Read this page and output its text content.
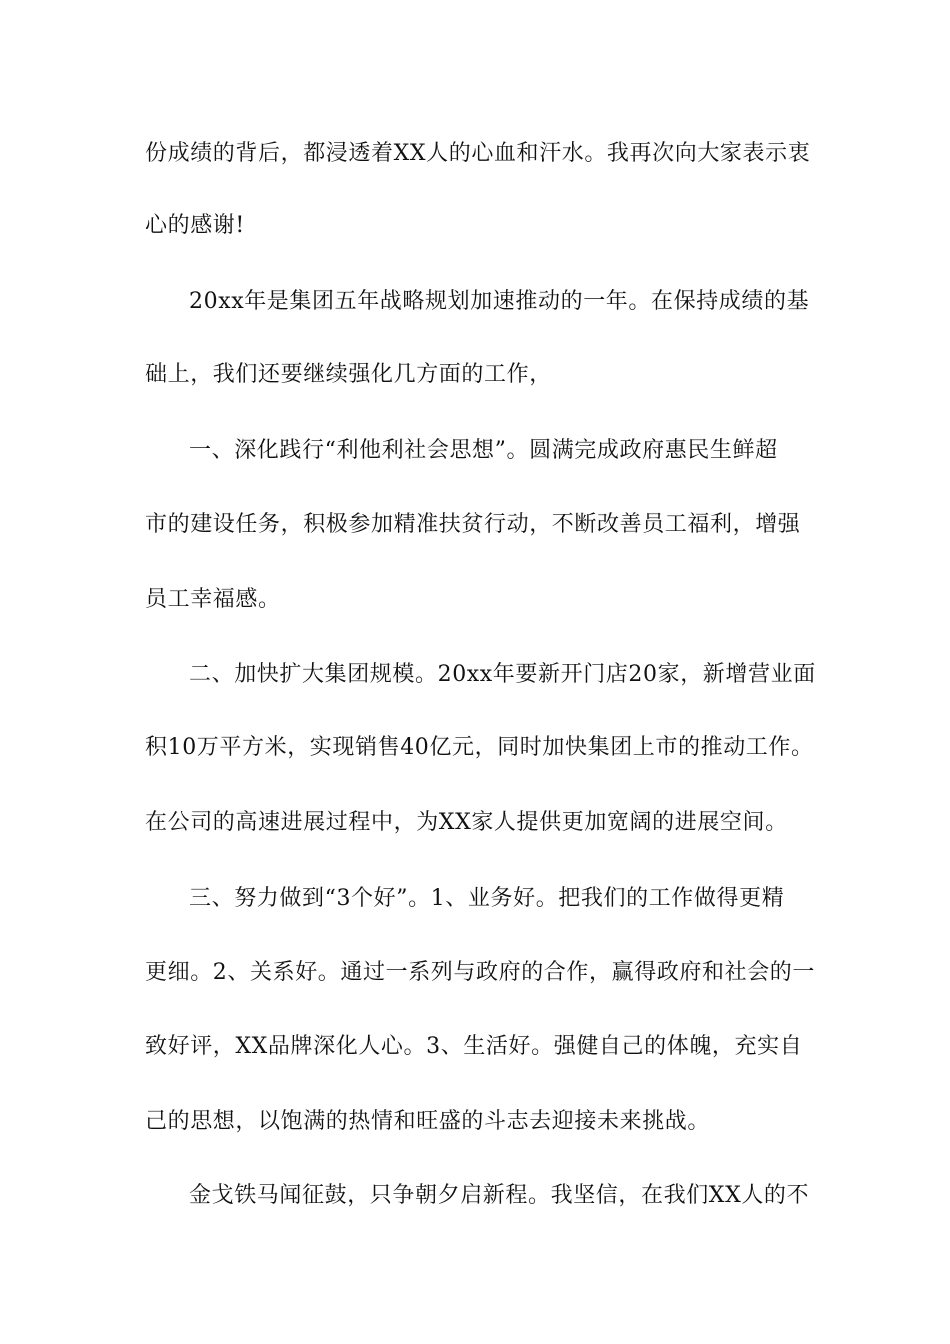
份成绩的背后，都浸透着XX人的心血和汗水。我再次向大家表示衷
心的感谢!
20xx年是集团五年战略规划加速推动的一年。在保持成绩的基
础上，我们还要继续强化几方面的工作，
一、深化践行“利他利社会思想”。圆满完成政府惠民生鲜超
市的建设任务，积极参加精准扶贫行动，不断改善员工福利，增强
员工幸福感。
二、加快扩大集团规模。20xx年要新开门店20家，新增营业面
积10万平方米，实现销售40亿元，同时加快集团上市的推动工作。
在公司的高速进展过程中，为XX家人提供更加宽阔的进展空间。
三、努力做到“3个好”。1、业务好。把我们的工作做得更精
更细。2、关系好。通过一系列与政府的合作，赢得政府和社会的一
致好评，XX品牌深化人心。3、生活好。强健自己的体魄，充实自
己的思想，以饱满的热情和旺盛的斗志去迎接未来挑战。
金戈铁马闻征鼓，只争朝夕启新程。我坚信，在我们XX人的不
